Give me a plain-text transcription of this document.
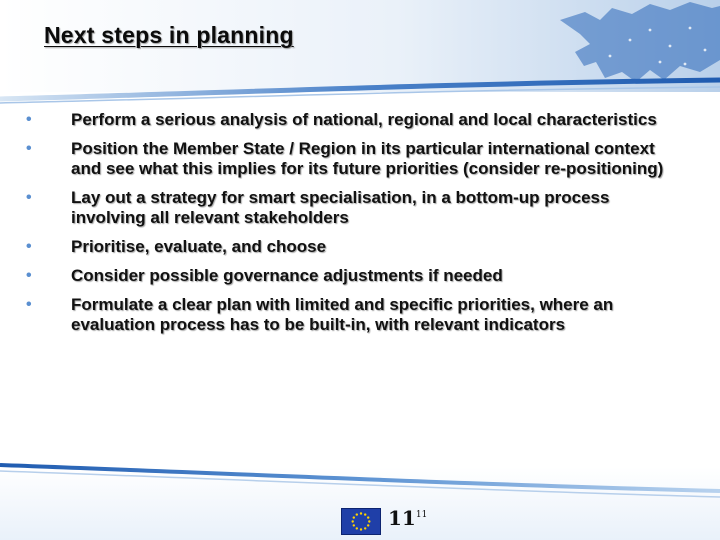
Next steps in planning
• Perform a serious analysis of national, regional and local characteristics
• Position the Member State / Region in its particular international context and see what this implies for its future priorities (consider re-positioning)
• Lay out a strategy for smart specialisation, in a bottom-up process involving all relevant stakeholders
• Prioritise, evaluate, and choose
• Consider possible governance adjustments if needed
• Formulate a clear plan with limited and specific priorities, where an evaluation process has to be built-in, with relevant indicators
$11^{11}$
